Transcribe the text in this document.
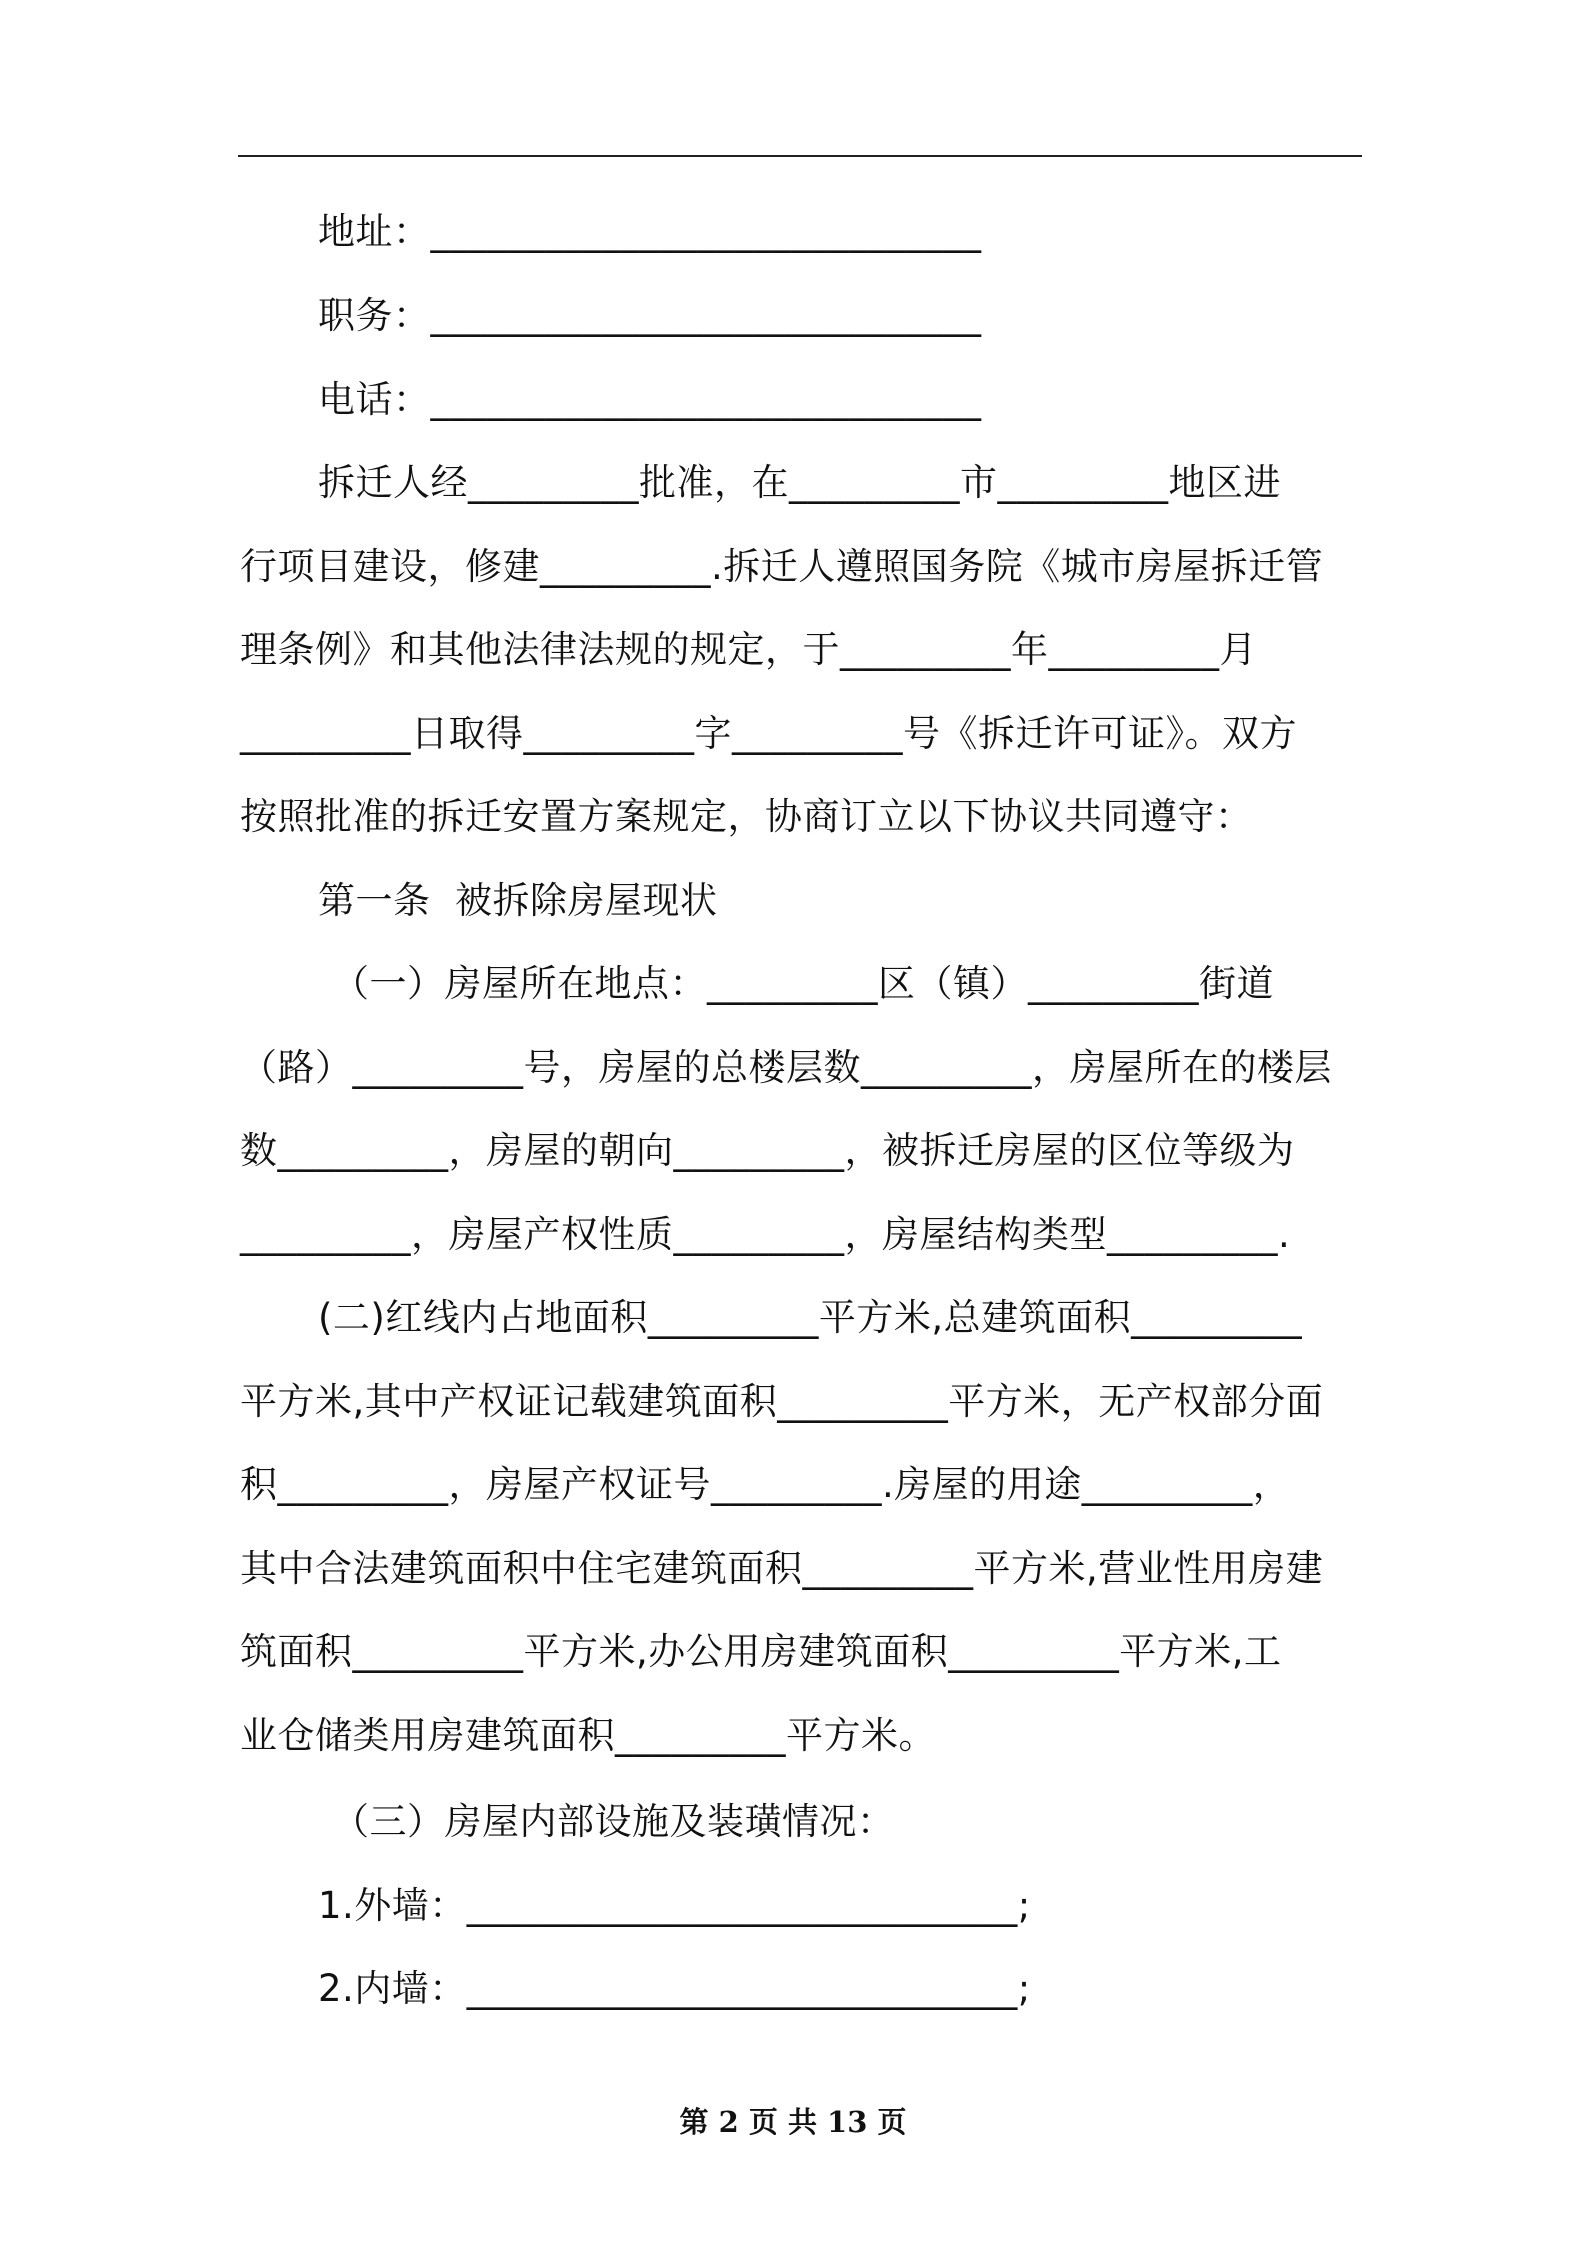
地址：_____________________________
职务：_____________________________
电话：_____________________________
拆迁人经_________批准，在_________市_________地区进
行项目建设，修建_________.拆迁人遵照国务院《城市房屋拆迁管
理条例》和其他法律法规的规定，于_________年_________月
_________日取得_________字_________号《拆迁许可证》。双方
按照批准的拆迁安置方案规定，协商订立以下协议共同遵守：
第一条  被拆除房屋现状
（一）房屋所在地点：_________区（镇）_________街道
（路）_________号，房屋的总楼层数_________，房屋所在的楼层
数_________，房屋的朝向_________，被拆迁房屋的区位等级为
_________，房屋产权性质_________，房屋结构类型_________.
(二)红线内占地面积_________平方米,总建筑面积_________
平方米,其中产权证记载建筑面积_________平方米，无产权部分面
积_________，房屋产权证号_________.房屋的用途_________，
其中合法建筑面积中住宅建筑面积_________平方米,营业性用房建
筑面积_________平方米,办公用房建筑面积_________平方米,工
业仓储类用房建筑面积_________平方米。
（三）房屋内部设施及装璜情况：
1.外墙：_____________________________;
2.内墙：_____________________________;
第 2 页 共 13 页
